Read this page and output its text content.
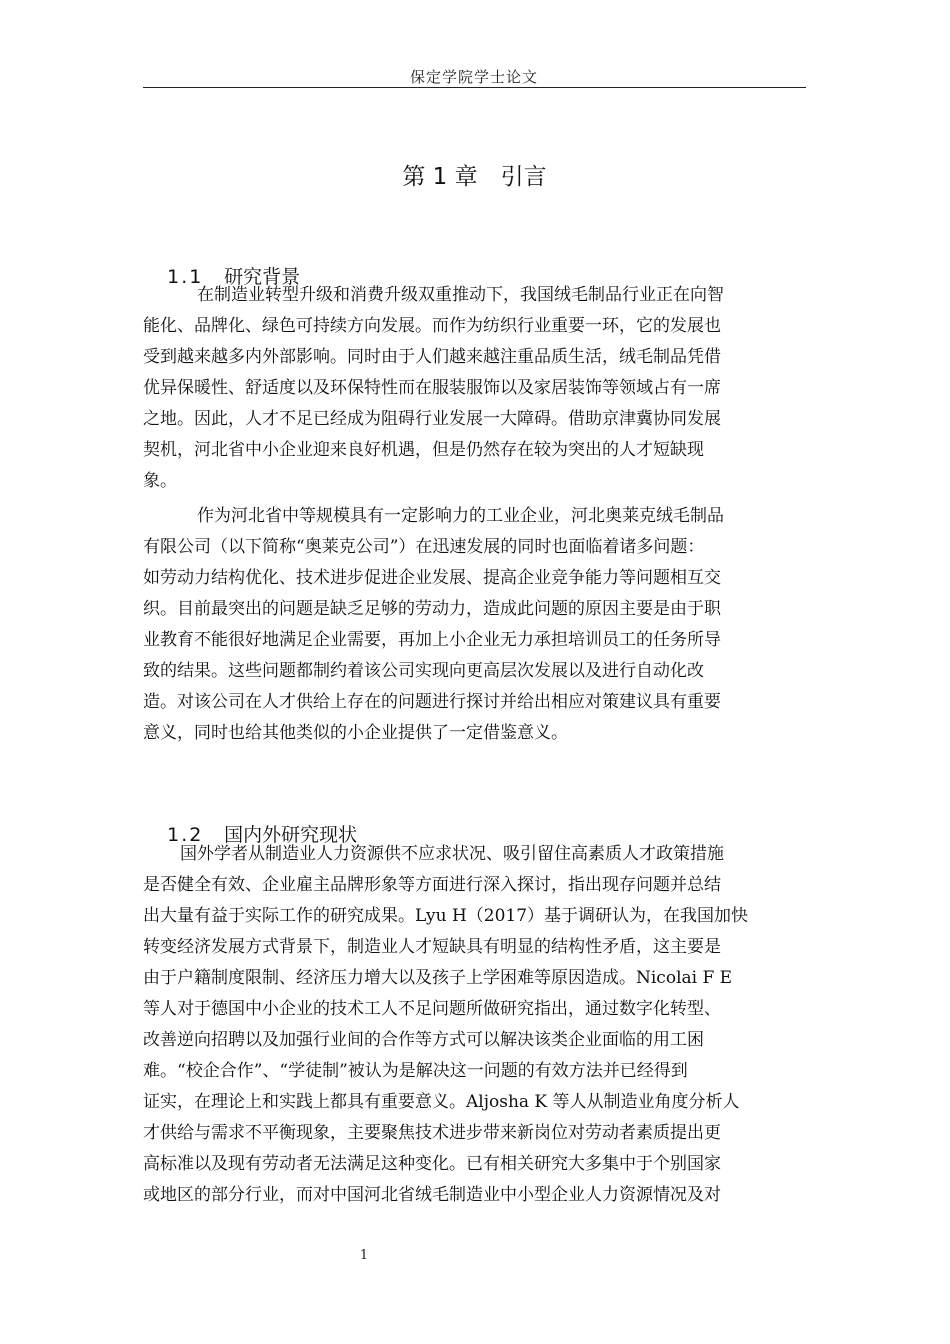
保定学院学士论文
第 1 章　引言

1.1 研究背景

在制造业转型升级和消费升级双重推动下，我国绒毛制品行业正在向智
能化、品牌化、绿色可持续方向发展。而作为纺织行业重要一环，它的发展也
受到越来越多内外部影响。同时由于人们越来越注重品质生活，绒毛制品凭借
优异保暖性、舒适度以及环保特性而在服装服饰以及家居装饰等领域占有一席
之地。因此，人才不足已经成为阻碍行业发展一大障碍。借助京津冀协同发展
契机，河北省中小企业迎来良好机遇，但是仍然存在较为突出的人才短缺现
象。
作为河北省中等规模具有一定影响力的工业企业，河北奥莱克绒毛制品
有限公司（以下简称“奥莱克公司”）在迅速发展的同时也面临着诸多问题：
如劳动力结构优化、技术进步促进企业发展、提高企业竞争能力等问题相互交
织。目前最突出的问题是缺乏足够的劳动力，造成此问题的原因主要是由于职
业教育不能很好地满足企业需要，再加上小企业无力承担培训员工的任务所导
致的结果。这些问题都制约着该公司实现向更高层次发展以及进行自动化改
造。对该公司在人才供给上存在的问题进行探讨并给出相应对策建议具有重要
意义，同时也给其他类似的小企业提供了一定借鉴意义。

1.2 国内外研究现状

国外学者从制造业人力资源供不应求状况、吸引留住高素质人才政策措施
是否健全有效、企业雇主品牌形象等方面进行深入探讨，指出现存问题并总结
出大量有益于实际工作的研究成果。Lyu H（2017）基于调研认为，在我国加快
转变经济发展方式背景下，制造业人才短缺具有明显的结构性矛盾，这主要是
由于户籍制度限制、经济压力增大以及孩子上学困难等原因造成。Nicolai F E
等人对于德国中小企业的技术工人不足问题所做研究指出，通过数字化转型、
改善逆向招聘以及加强行业间的合作等方式可以解决该类企业面临的用工困
难。“校企合作”、“学徒制”被认为是解决这一问题的有效方法并已经得到
证实，在理论上和实践上都具有重要意义。Aljosha K 等人从制造业角度分析人
才供给与需求不平衡现象，主要聚焦技术进步带来新岗位对劳动者素质提出更
高标准以及现有劳动者无法满足这种变化。已有相关研究大多集中于个别国家
或地区的部分行业，而对中国河北省绒毛制造业中小型企业人力资源情况及对
1
